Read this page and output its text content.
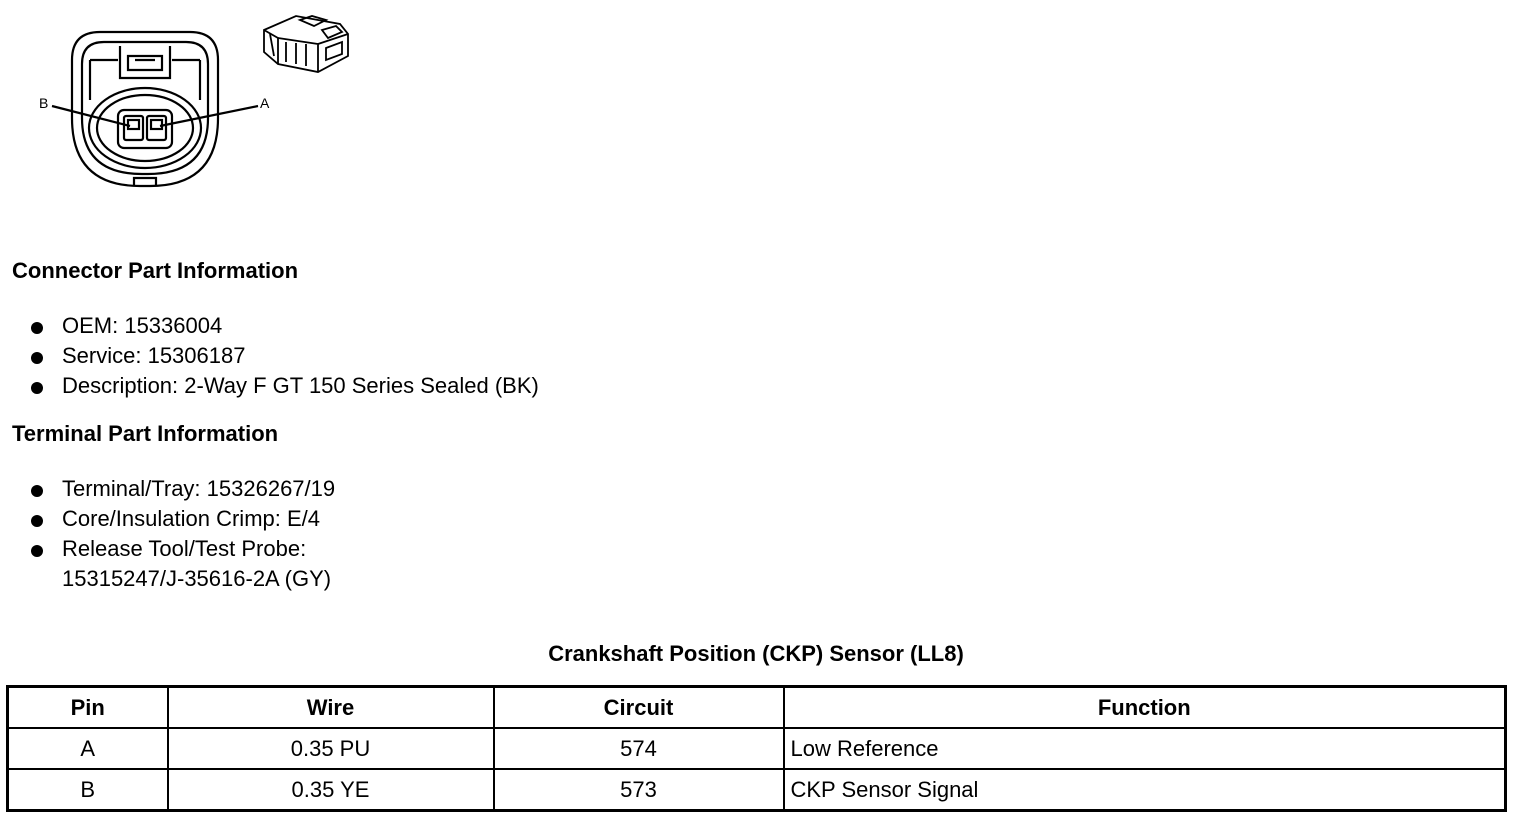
B	A
Connector Part Information
OEM: 15336004
Service: 15306187
Description: 2-Way F GT 150 Series Sealed (BK)
Terminal Part Information
Terminal/Tray: 15326267/19
Core/Insulation Crimp: E/4
Release Tool/Test Probe:
15315247/J-35616-2A (GY)
Crankshaft Position (CKP) Sensor (LL8)
Pin	Wire	Circuit	Function
A	0.35 PU	574	Low Reference
B	0.35 YE	573	CKP Sensor Signal
